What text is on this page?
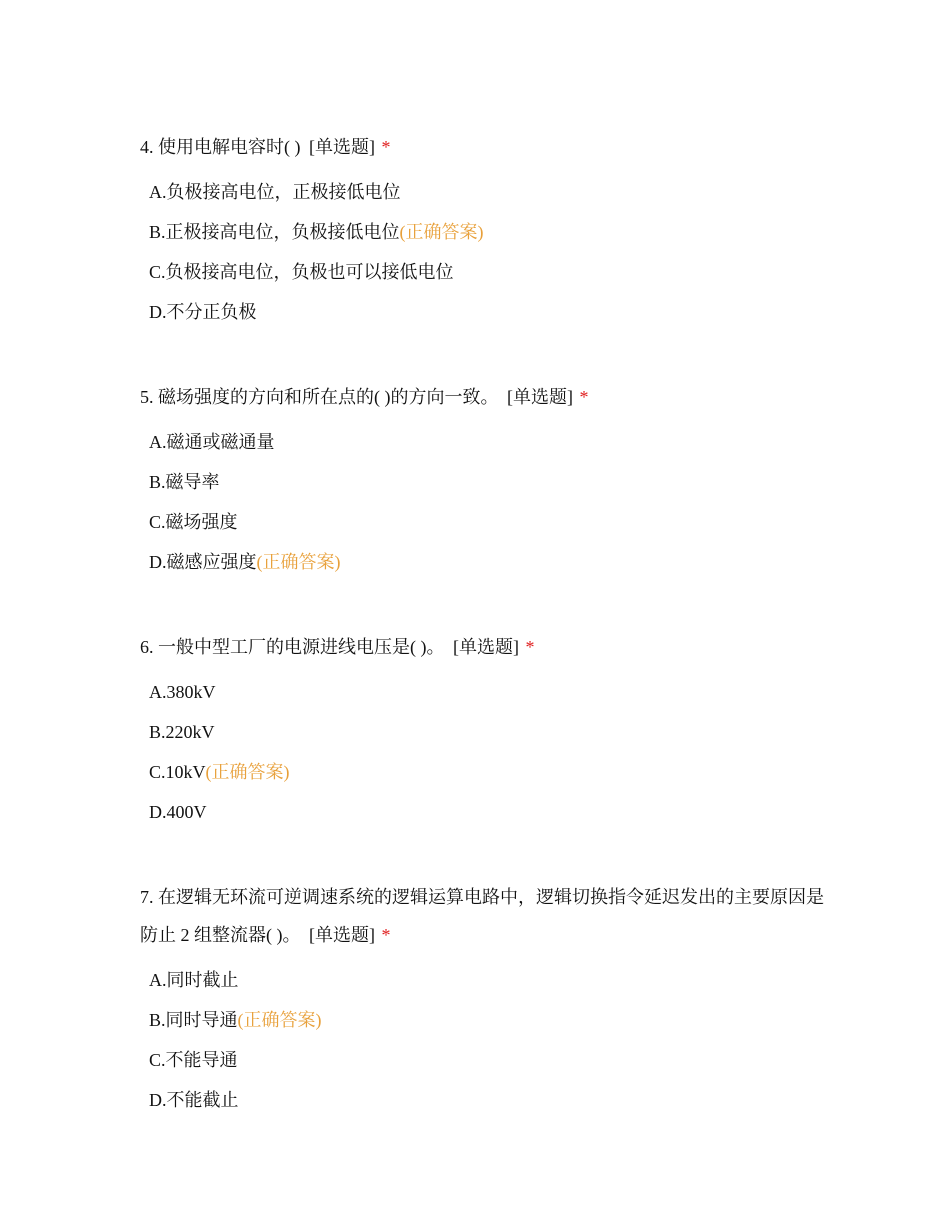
4. 使用电解电容时( ) [单选题] *

A.负极接高电位，正极接低电位
B.正极接高电位，负极接低电位 (正确答案)
C.负极接高电位，负极也可以接低电位
D.不分正负极

5. 磁场强度的方向和所在点的( )的方向一致。 [单选题] *

A.磁通或磁通量
B.磁导率
C.磁场强度
D.磁感应强度 (正确答案)

6. 一般中型工厂的电源进线电压是( )。 [单选题] *

A.380kV
B.220kV
C.10kV (正确答案)
D.400V

7. 在逻辑无环流可逆调速系统的逻辑运算电路中，逻辑切换指令延迟发出的主要原因是防止 2 组整流器( )。 [单选题] *

A.同时截止
B.同时导通 (正确答案)
C.不能导通
D.不能截止
